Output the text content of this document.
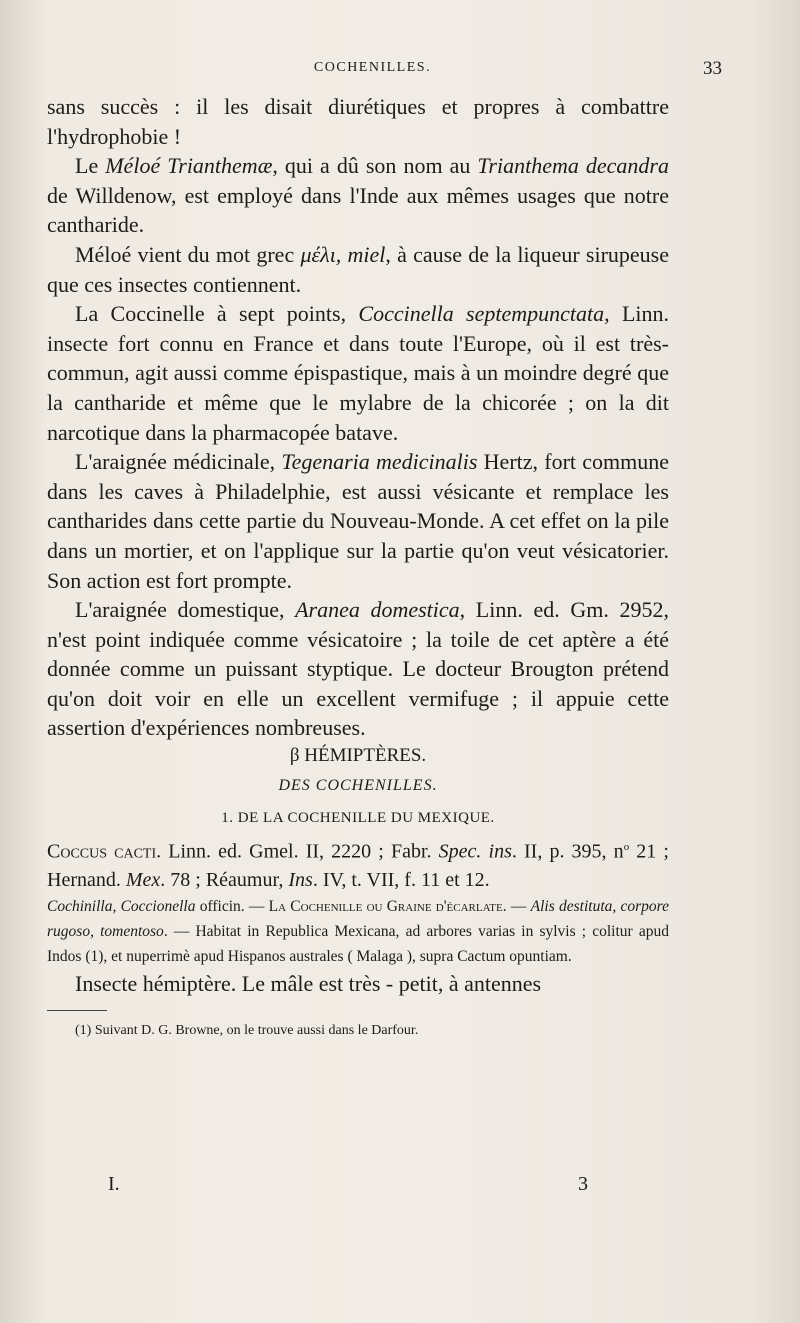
COCHENILLES.	33

sans succès : il les disait diurétiques et propres à combattre l'hydrophobie !

Le Méloé Trianthemæ, qui a dû son nom au Trianthema decandra de Willdenow, est employé dans l'Inde aux mêmes usages que notre cantharide.

Méloé vient du mot grec μέλι, miel, à cause de la liqueur sirupeuse que ces insectes contiennent.

La Coccinelle à sept points, Coccinella septempunctata, Linn. insecte fort connu en France et dans toute l'Europe, où il est très-commun, agit aussi comme épispastique, mais à un moindre degré que la cantharide et même que le mylabre de la chicorée ; on la dit narcotique dans la pharmacopée batave.

L'araignée médicinale, Tegenaria medicinalis Hertz, fort commune dans les caves à Philadelphie, est aussi vésicante et remplace les cantharides dans cette partie du Nouveau-Monde. A cet effet on la pile dans un mortier, et on l'applique sur la partie qu'on veut vésicatorier. Son action est fort prompte.

L'araignée domestique, Aranea domestica, Linn. ed. Gm. 2952, n'est point indiquée comme vésicatoire ; la toile de cet aptère a été donnée comme un puissant styptique. Le docteur Brougton prétend qu'on doit voir en elle un excellent vermifuge ; il appuie cette assertion d'expériences nombreuses.

β HÉMIPTÈRES.

DES COCHENILLES.

1. DE LA COCHENILLE DU MEXIQUE.

Coccus cacti. Linn. ed. Gmel. II, 2220 ; Fabr. Spec. ins. II, p. 395, $n^o$ 21 ; Hernand. Mex. 78 ; Réaumur, Ins. IV, t. VII, f. 11 et 12.

Cochinilla, Coccionella officin. — La Cochenille ou Graine d'écarlate. — Alis destituta, corpore rugoso, tomentoso. — Habitat in Republica Mexicana, ad arbores varias in sylvis ; colitur apud Indos (1), et nuperrimè apud Hispanos australes ( Malaga ), supra Cactum opuntiam.

Insecte hémiptère. Le mâle est très - petit, à antennes

(1) Suivant D. G. Browne, on le trouve aussi dans le Darfour.

I.	3
